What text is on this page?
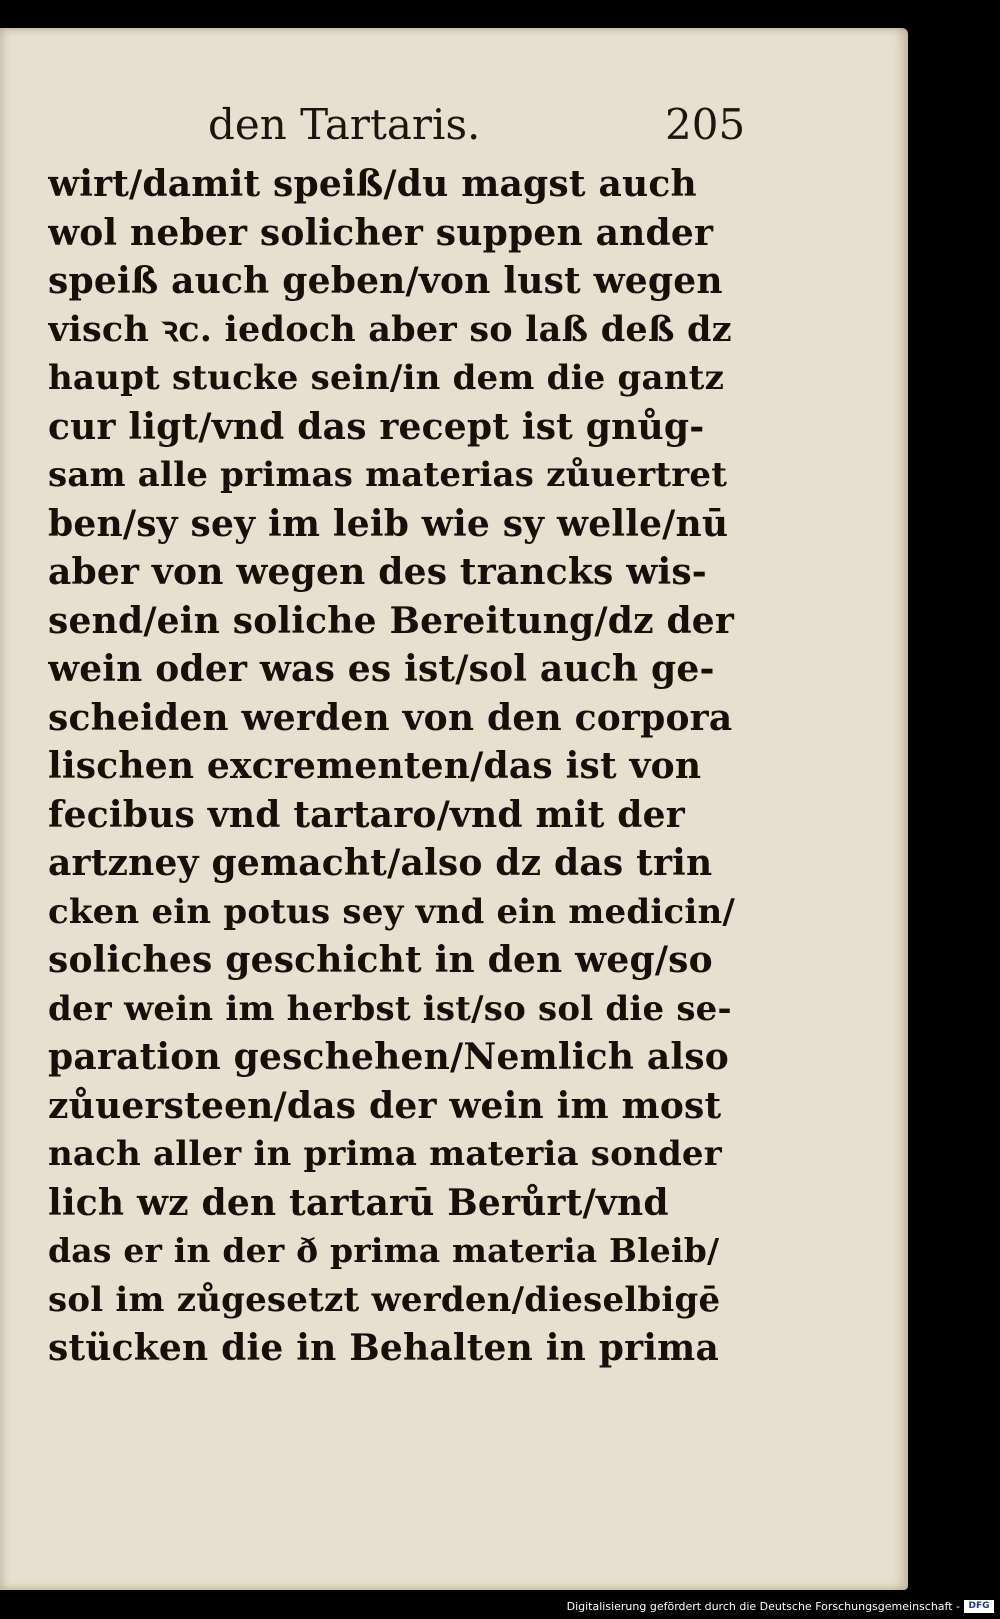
den Tartaris.	205
wirt/damit speiß/du magst auch
wol neber solicher suppen ander
speiß auch geben/von lust wegen
visch ꝛc. iedoch aber so laß deß dz
haupt stucke sein/in dem die gantz
cur ligt/vnd das recept ist gnůg-
sam alle primas materias zůuertret
ben/sy sey im leib wie sy welle/nū
aber von wegen des trancks wis-
send/ein soliche Bereitung/dz der
wein oder was es ist/sol auch ge-
scheiden werden von den corpora
lischen excrementen/das ist von
fecibus vnd tartaro/vnd mit der
artzney gemacht/also dz das trin
cken ein potus sey vnd ein medicin/
soliches geschicht in den weg/so
der wein im herbst ist/so sol die se-
paration geschehen/Nemlich also
zůuersteen/das der wein im most
nach aller in prima materia sonder
lich wz den tartarū Berůrt/vnd
das er in der ð prima materia Bleib/
sol im zůgesetzt werden/dieselbigē
stücken die in Behalten in prima
Digitalisierung gefördert durch die Deutsche Forschungsgemeinschaft - DFG
